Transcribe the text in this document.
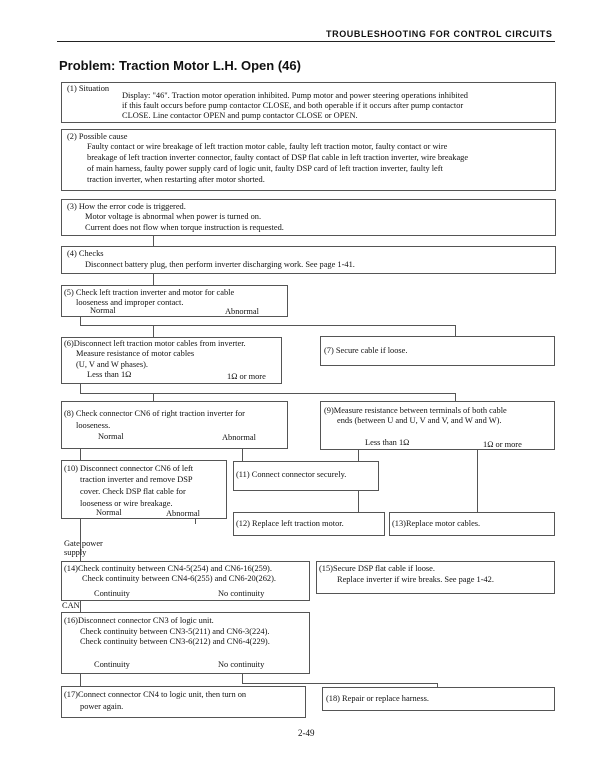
TROUBLESHOOTING FOR CONTROL CIRCUITS
Problem: Traction Motor L.H. Open (46)
(1) Situation
Display: "46". Traction motor operation inhibited. Pump motor and power steering operations inhibited
if this fault occurs before pump contactor CLOSE, and both operable if it occurs after pump contactor
CLOSE. Line contactor OPEN and pump contactor CLOSE or OPEN.
(2) Possible cause
Faulty contact or wire breakage of left traction motor cable, faulty left traction motor, faulty contact or wire
breakage of left traction inverter connector, faulty contact of DSP flat cable in left traction inverter, wire breakage
of main harness, faulty power supply card of logic unit, faulty DSP card of left traction inverter, faulty left
traction inverter, when restarting after motor shorted.
(3) How the error code is triggered.
Motor voltage is abnormal when power is turned on.
Current does not flow when torque instruction is requested.
(4) Checks
Disconnect battery plug, then perform inverter discharging work. See page 1-41.
(5) Check left traction inverter and motor for cable
looseness and improper contact.
Normal	Abnormal
(6)Disconnect left traction motor cables from inverter.
Measure resistance of motor cables
(U, V and W phases).
Less than 1Ω	1Ω or more
(7) Secure cable if loose.
(8) Check connector CN6 of right traction inverter for
looseness.
Normal	Abnormal
(9)Measure resistance between terminals of both cable
ends (between U and U, V and V, and W and W).
Less than 1Ω	1Ω or more
(10) Disconnect connector CN6 of left
traction inverter and remove DSP
cover. Check DSP flat cable for
looseness or wire breakage.
Normal	Abnormal
(11) Connect connector securely.
(12) Replace left traction motor.	(13)Replace motor cables.
Gate power
supply
(14)Check continuity between CN4-5(254) and CN6-16(259).
Check continuity between CN4-6(255) and CN6-20(262).
Continuity	No continuity
(15)Secure DSP flat cable if loose.
Replace inverter if wire breaks. See page 1-42.
CAN
(16)Disconnect connector CN3 of logic unit.
Check continuity between CN3-5(211) and CN6-3(224).
Check continuity between CN3-6(212) and CN6-4(229).
Continuity	No continuity
(17)Connect connector CN4 to logic unit, then turn on
power again.
(18) Repair or replace harness.
2-49
